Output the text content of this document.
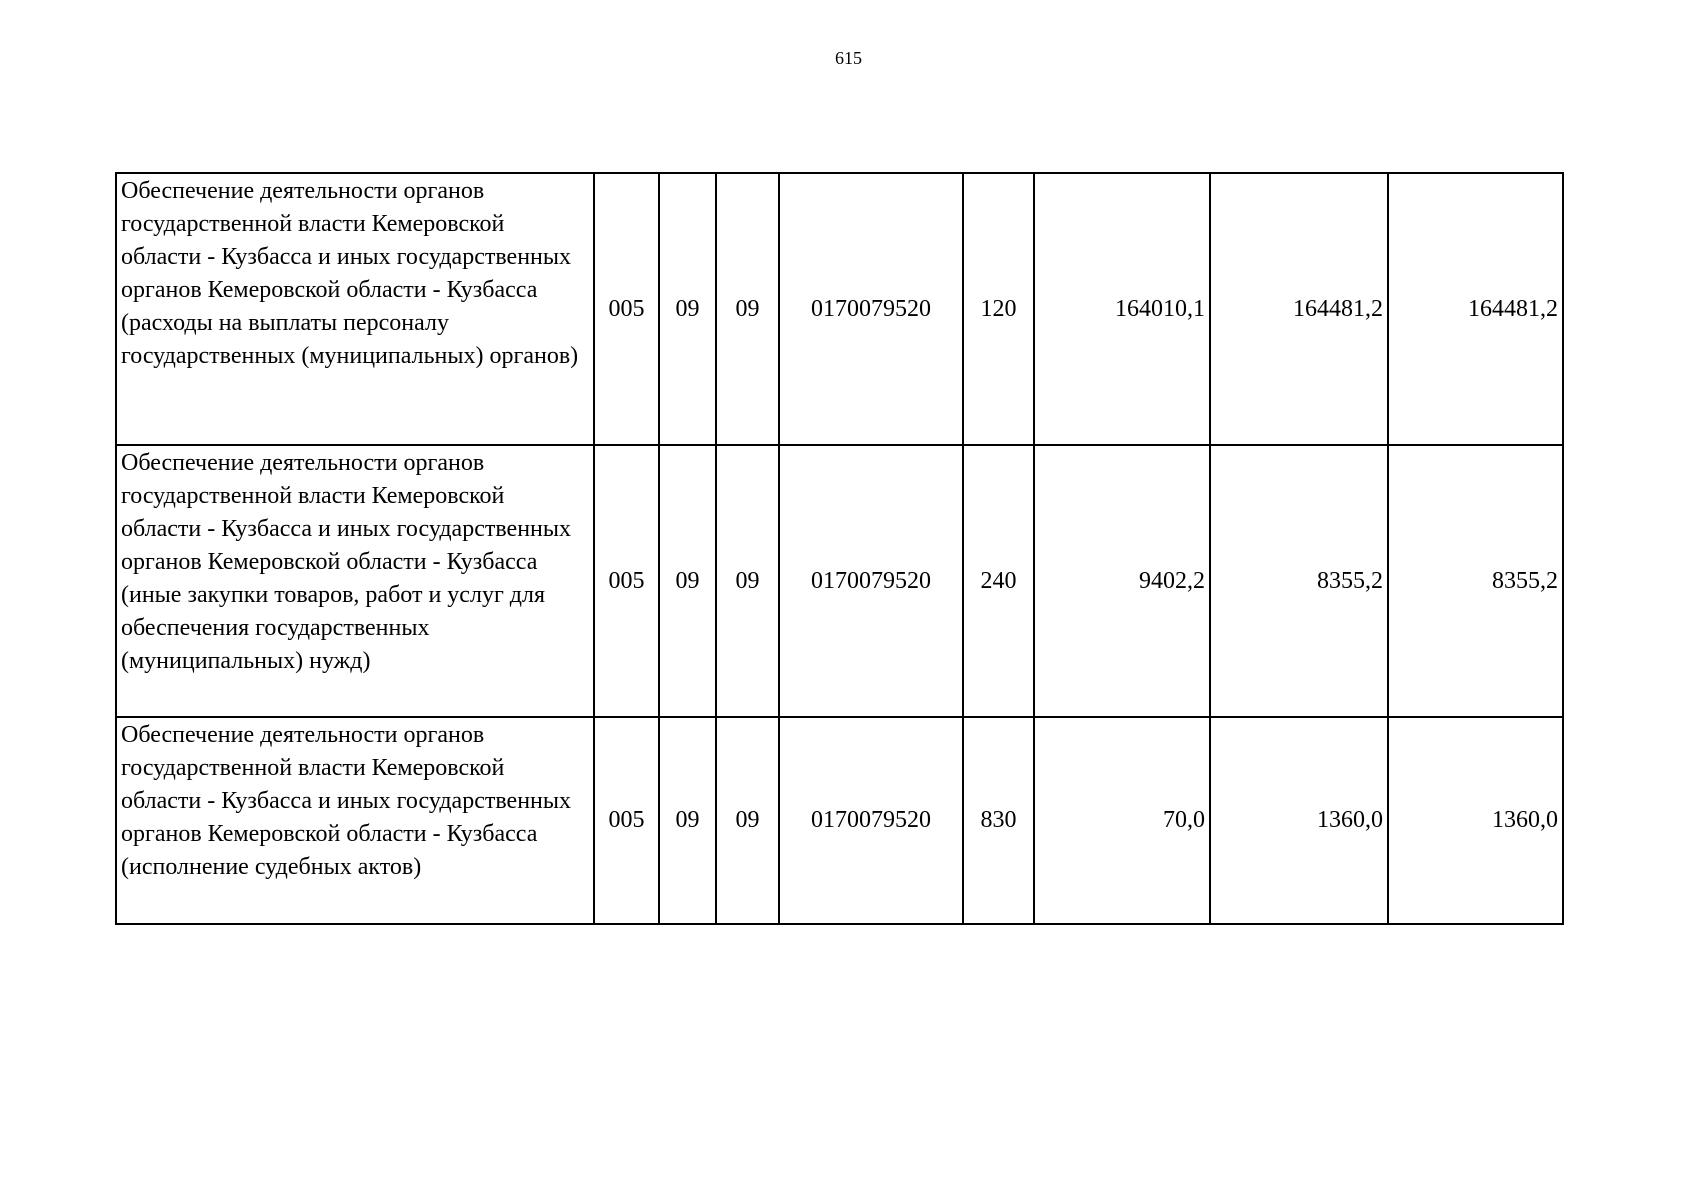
615
Обеспечение деятельности органов государственной власти Кемеровской области - Кузбасса и иных государственных органов Кемеровской области - Кузбасса (расходы на выплаты персоналу государственных (муниципальных) органов)	005	09	09	0170079520	120	164010,1	164481,2	164481,2
Обеспечение деятельности органов государственной власти Кемеровской области - Кузбасса и иных государственных органов Кемеровской области - Кузбасса (иные закупки товаров, работ и услуг для обеспечения государственных (муниципальных) нужд)	005	09	09	0170079520	240	9402,2	8355,2	8355,2
Обеспечение деятельности органов государственной власти Кемеровской области - Кузбасса и иных государственных органов Кемеровской области - Кузбасса (исполнение судебных актов)	005	09	09	0170079520	830	70,0	1360,0	1360,0
